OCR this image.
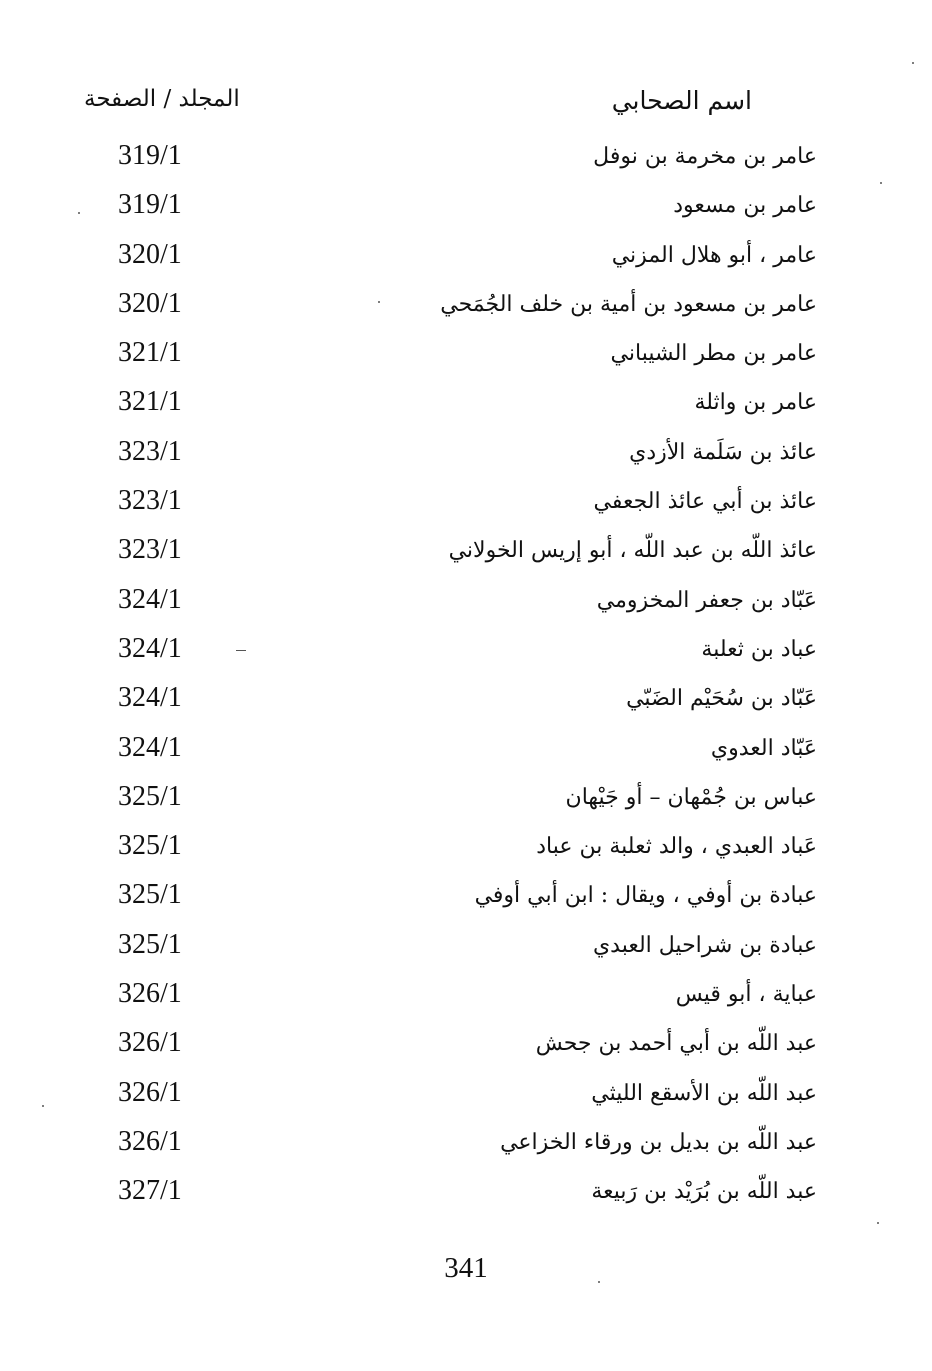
اسم الصحابي
المجلد / الصفحة
عامر بن مخرمة بن نوفل
319/1
عامر بن مسعود
319/1
عامر ، أبو هلال المزني
320/1
عامر بن مسعود بن أمية بن خلف الجُمَحي
320/1
عامر بن مطر الشيباني
321/1
عامر بن واثلة
321/1
عائذ بن سَلَمة الأزدي
323/1
عائذ بن أبي عائذ الجعفي
323/1
عائذ اللّه بن عبد اللّه ، أبو إريس الخولاني
323/1
عَبّاد بن جعفر المخزومي
324/1
عباد بن ثعلبة
324/1
عَبّاد بن سُحَيْم الضَبّي
324/1
عَبّاد العدوي
324/1
عباس بن جُمْهان – أو جَيْهان
325/1
عَباد العبدي ، والد ثعلبة بن عباد
325/1
عبادة بن أوفي ، ويقال : ابن أبي أوفي
325/1
عبادة بن شراحيل العبدي
325/1
عباية ، أبو قيس
326/1
عبد اللّه بن أبي أحمد بن جحش
326/1
عبد اللّه بن الأسقع الليثي
326/1
عبد اللّه بن بديل بن ورقاء الخزاعي
326/1
عبد اللّه بن بُرَيْد بن رَبيعة
327/1
341
